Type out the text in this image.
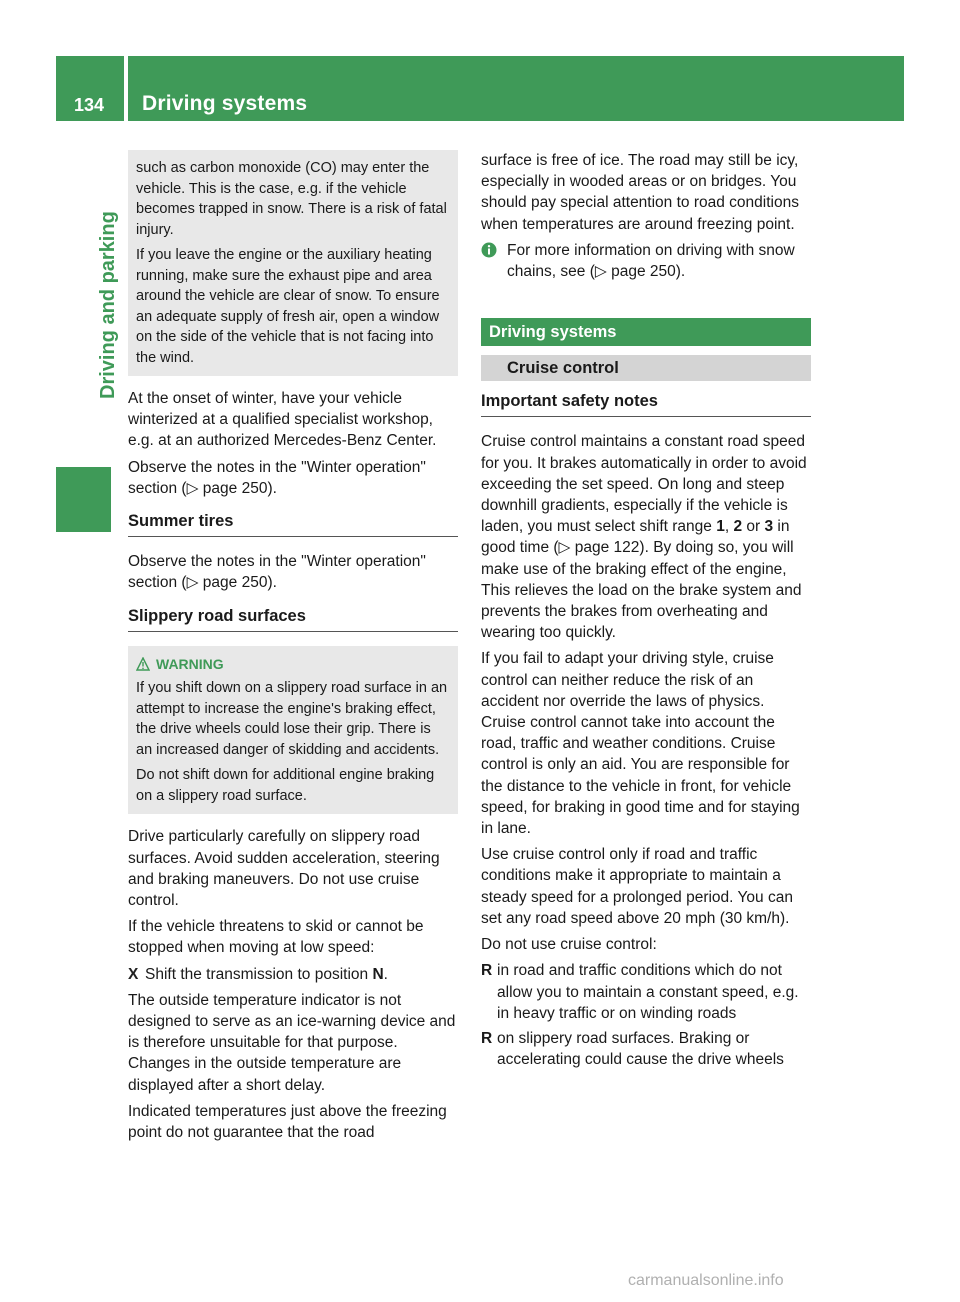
134	Driving systems
Driving and parking

such as carbon monoxide (CO) may enter the vehicle. This is the case, e.g. if the vehicle becomes trapped in snow. There is a risk of fatal injury.

If you leave the engine or the auxiliary heating running, make sure the exhaust pipe and area around the vehicle are clear of snow. To ensure an adequate supply of fresh air, open a window on the side of the vehicle that is not facing into the wind.

At the onset of winter, have your vehicle winterized at a qualified specialist workshop, e.g. at an authorized Mercedes-Benz Center.

Observe the notes in the "Winter operation" section (▷ page 250).

Summer tires

Observe the notes in the "Winter operation" section (▷ page 250).

Slippery road surfaces
WARNING

If you shift down on a slippery road surface in an attempt to increase the engine's braking effect, the drive wheels could lose their grip. There is an increased danger of skidding and accidents.

Do not shift down for additional engine braking on a slippery road surface.

Drive particularly carefully on slippery road surfaces. Avoid sudden acceleration, steering and braking maneuvers. Do not use cruise control.

If the vehicle threatens to skid or cannot be stopped when moving at low speed:

X Shift the transmission to position N.

The outside temperature indicator is not designed to serve as an ice-warning device and is therefore unsuitable for that purpose. Changes in the outside temperature are displayed after a short delay.

Indicated temperatures just above the freezing point do not guarantee that the road

surface is free of ice. The road may still be icy, especially in wooded areas or on bridges. You should pay special attention to road conditions when temperatures are around freezing point.

For more information on driving with snow chains, see (▷ page 250).
Driving systems
Cruise control
Important safety notes

Cruise control maintains a constant road speed for you. It brakes automatically in order to avoid exceeding the set speed. On long and steep downhill gradients, especially if the vehicle is laden, you must select shift range 1, 2 or 3 in good time (▷ page 122). By doing so, you will make use of the braking effect of the engine, This relieves the load on the brake system and prevents the brakes from overheating and wearing too quickly.

If you fail to adapt your driving style, cruise control can neither reduce the risk of an accident nor override the laws of physics. Cruise control cannot take into account the road, traffic and weather conditions. Cruise control is only an aid. You are responsible for the distance to the vehicle in front, for vehicle speed, for braking in good time and for staying in lane.

Use cruise control only if road and traffic conditions make it appropriate to maintain a steady speed for a prolonged period. You can set any road speed above 20 mph (30 km/h).

Do not use cruise control:

R in road and traffic conditions which do not allow you to maintain a constant speed, e.g. in heavy traffic or on winding roads
R on slippery road surfaces. Braking or accelerating could cause the drive wheels
carmanualsonline.info
